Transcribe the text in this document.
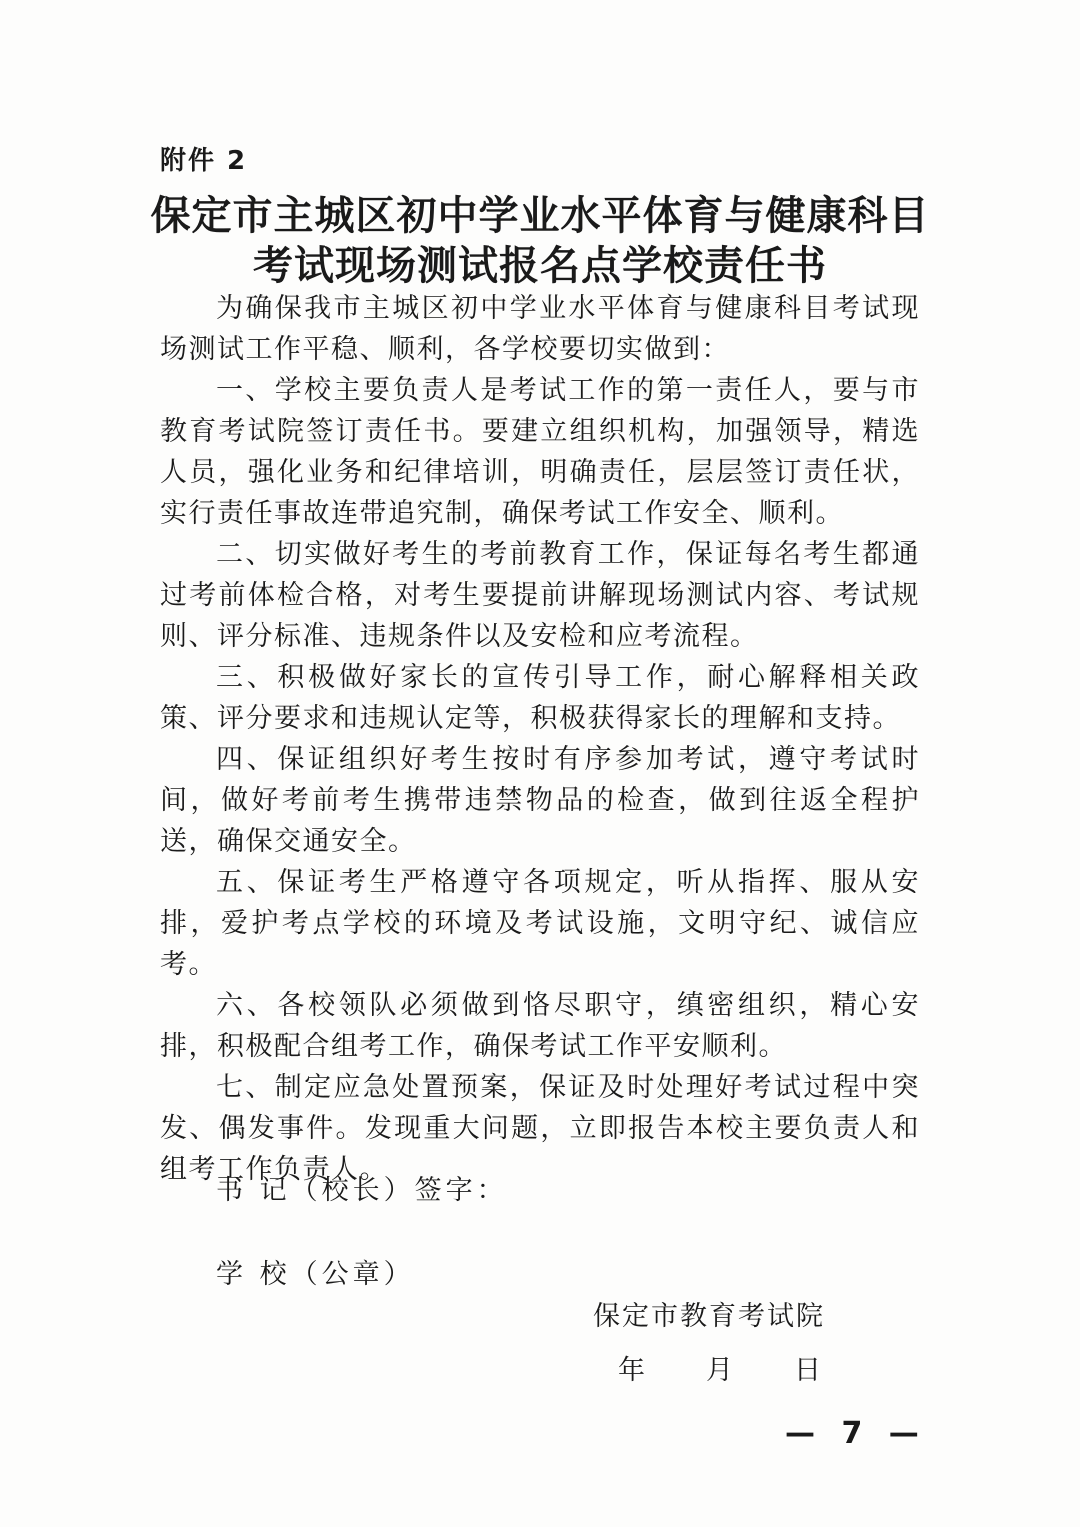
附件 2
保定市主城区初中学业水平体育与健康科目
考试现场测试报名点学校责任书

为确保我市主城区初中学业水平体育与健康科目考试现场测试工作平稳、顺利，各学校要切实做到：

一、学校主要负责人是考试工作的第一责任人，要与市教育考试院签订责任书。要建立组织机构，加强领导，精选人员，强化业务和纪律培训，明确责任，层层签订责任状，实行责任事故连带追究制，确保考试工作安全、顺利。

二、切实做好考生的考前教育工作，保证每名考生都通过考前体检合格，对考生要提前讲解现场测试内容、考试规则、评分标准、违规条件以及安检和应考流程。

三、积极做好家长的宣传引导工作，耐心解释相关政策、评分要求和违规认定等，积极获得家长的理解和支持。

四、保证组织好考生按时有序参加考试，遵守考试时间，做好考前考生携带违禁物品的检查，做到往返全程护送，确保交通安全。

五、保证考生严格遵守各项规定，听从指挥、服从安排，爱护考点学校的环境及考试设施，文明守纪、诚信应考。

六、各校领队必须做到恪尽职守，缜密组织，精心安排，积极配合组考工作，确保考试工作平安顺利。

七、制定应急处置预案，保证及时处理好考试过程中突发、偶发事件。发现重大问题，立即报告本校主要负责人和组考工作负责人。

书 记（校长）签字：
学 校（公章）
保定市教育考试院
年 月 日
— 7 —
